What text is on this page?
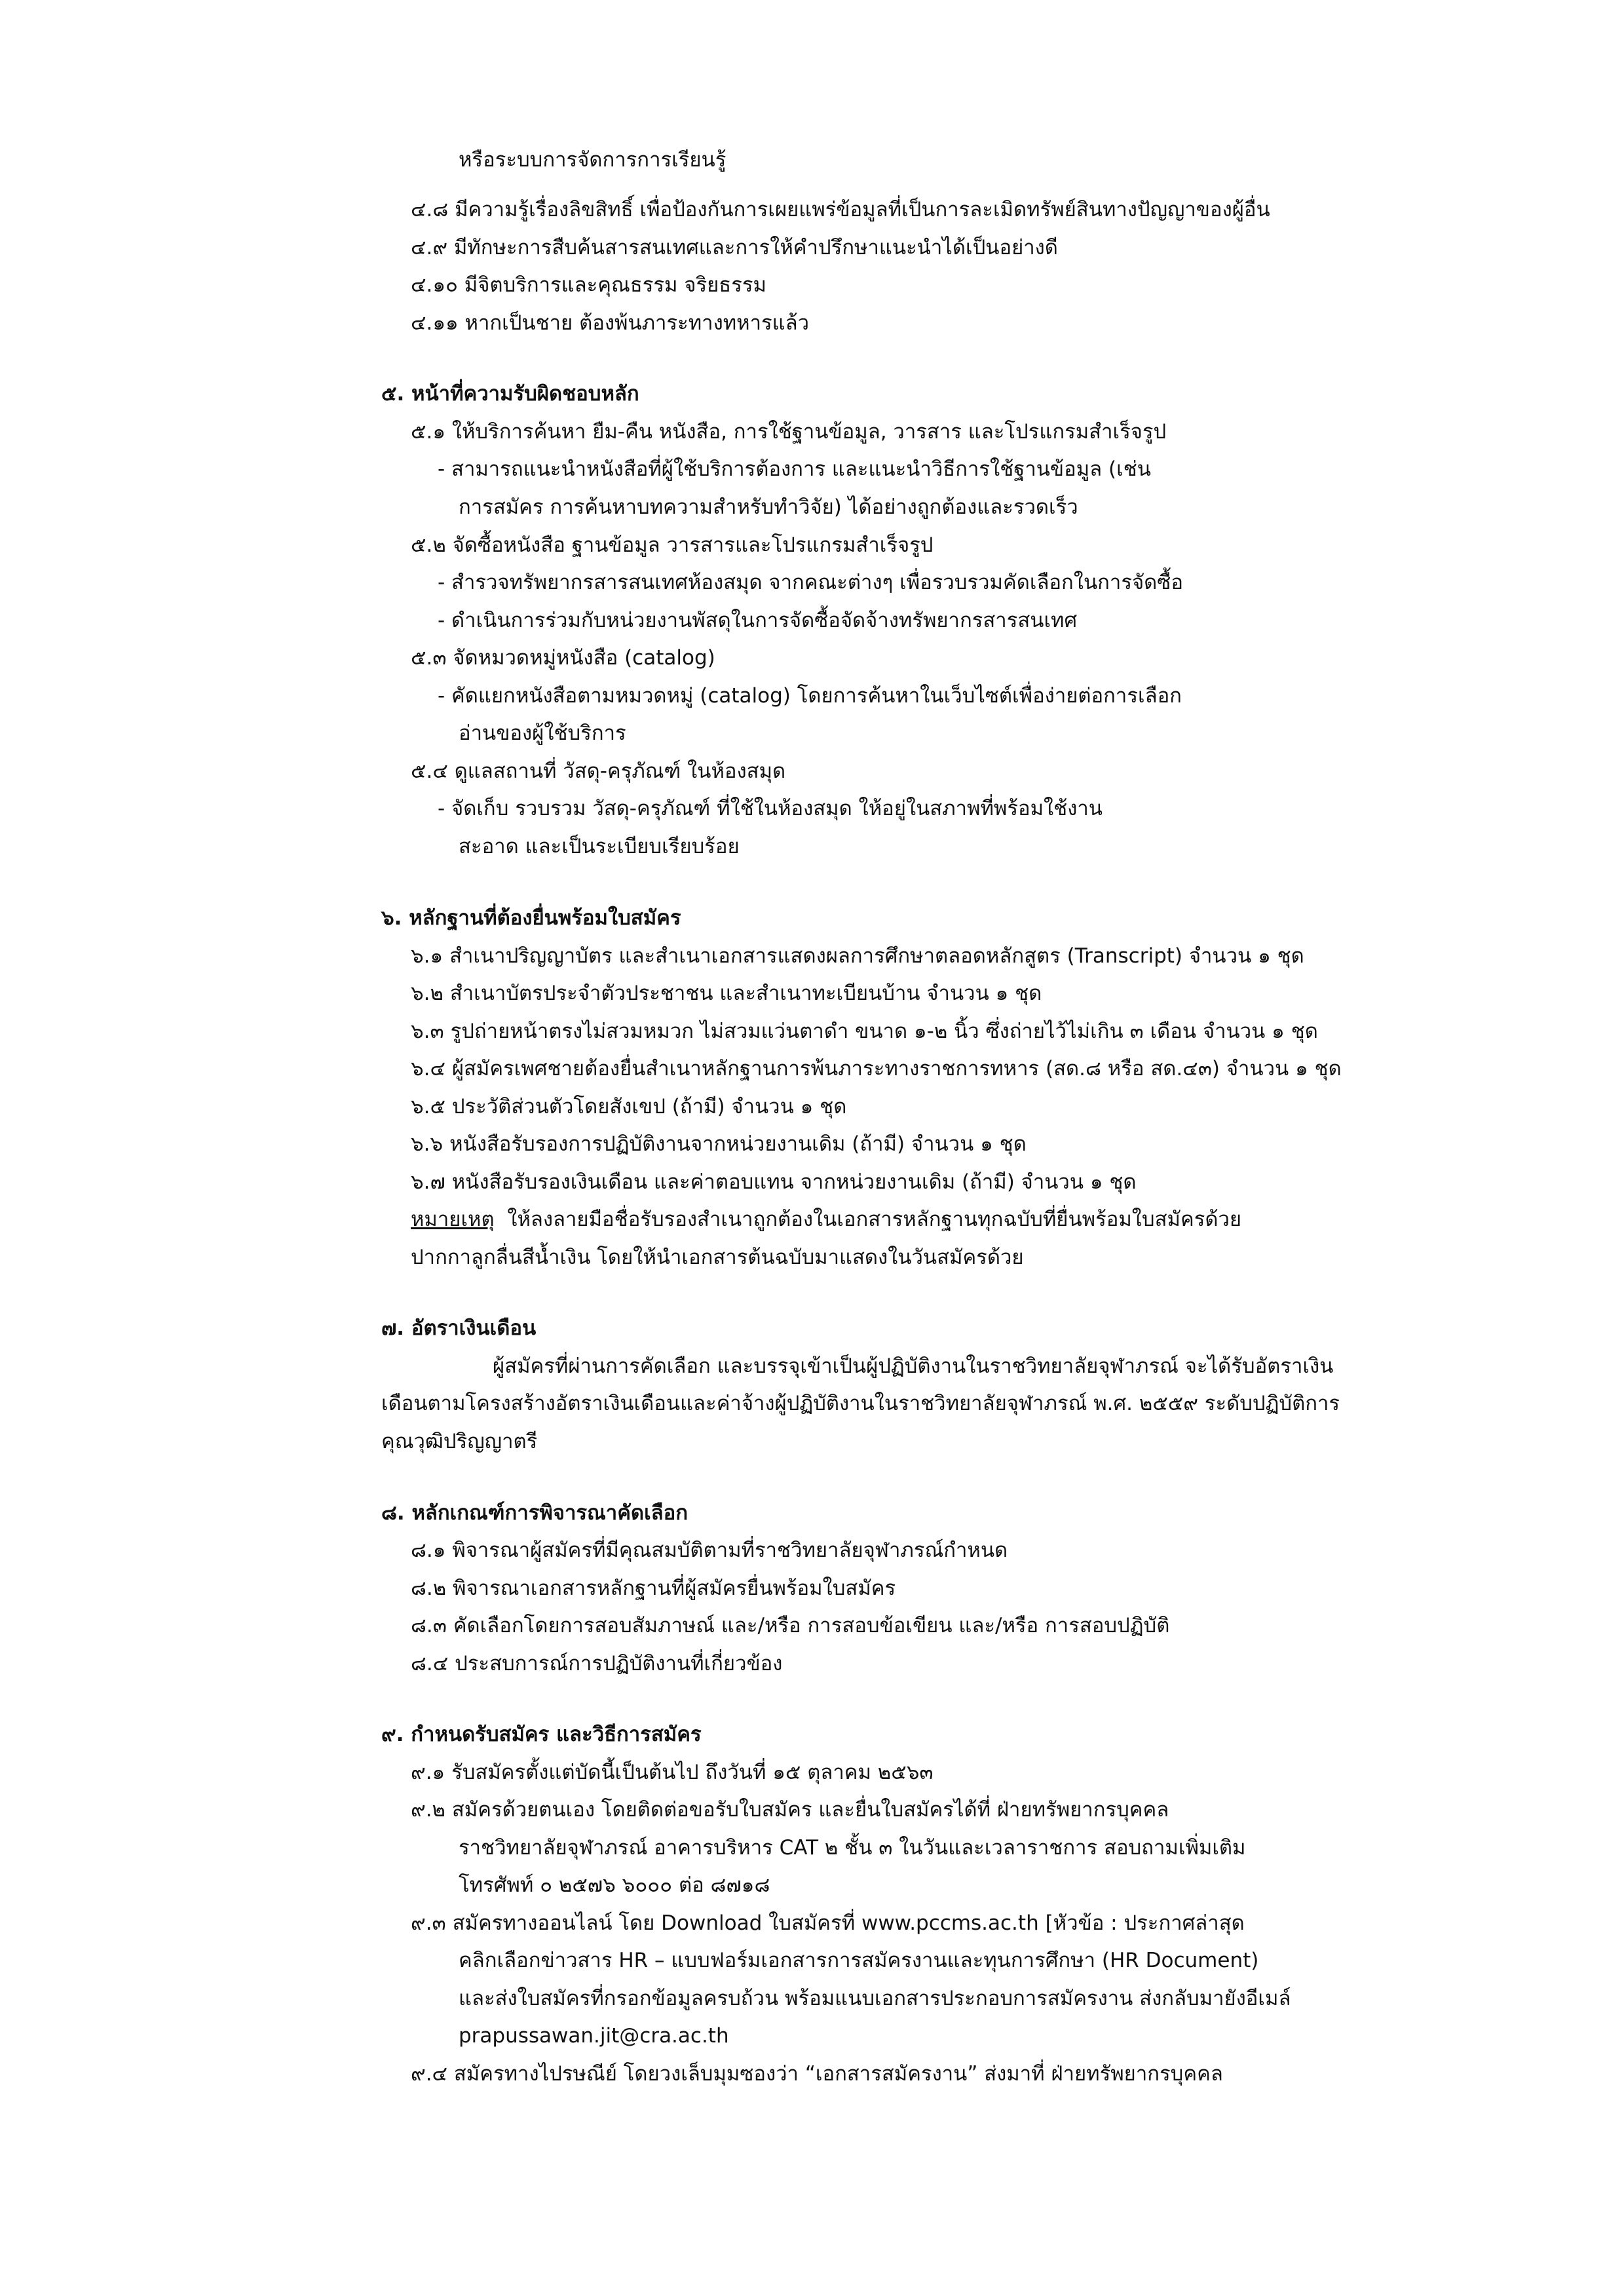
หรือระบบการจัดการการเรียนรู้
๔.๘ มีความรู้เรื่องลิขสิทธิ์ เพื่อป้องกันการเผยแพร่ข้อมูลที่เป็นการละเมิดทรัพย์สินทางปัญญาของผู้อื่น
๔.๙ มีทักษะการสืบค้นสารสนเทศและการให้คำปรึกษาแนะนำได้เป็นอย่างดี
๔.๑๐ มีจิตบริการและคุณธรรม จริยธรรม
๔.๑๑ หากเป็นชาย ต้องพ้นภาระทางทหารแล้ว
๕. หน้าที่ความรับผิดชอบหลัก
๕.๑ ให้บริการค้นหา ยืม-คืน หนังสือ, การใช้ฐานข้อมูล, วารสาร และโปรแกรมสำเร็จรูป
- สามารถแนะนำหนังสือที่ผู้ใช้บริการต้องการ และแนะนำวิธีการใช้ฐานข้อมูล (เช่น
การสมัคร การค้นหาบทความสำหรับทำวิจัย) ได้อย่างถูกต้องและรวดเร็ว
๕.๒ จัดซื้อหนังสือ ฐานข้อมูล วารสารและโปรแกรมสำเร็จรูป
- สำรวจทรัพยากรสารสนเทศห้องสมุด จากคณะต่างๆ เพื่อรวบรวมคัดเลือกในการจัดซื้อ
- ดำเนินการร่วมกับหน่วยงานพัสดุในการจัดซื้อจัดจ้างทรัพยากรสารสนเทศ
๕.๓ จัดหมวดหมู่หนังสือ (catalog)
- คัดแยกหนังสือตามหมวดหมู่ (catalog) โดยการค้นหาในเว็บไซต์เพื่อง่ายต่อการเลือก
อ่านของผู้ใช้บริการ
๕.๔ ดูแลสถานที่ วัสดุ-ครุภัณฑ์ ในห้องสมุด
- จัดเก็บ รวบรวม วัสดุ-ครุภัณฑ์ ที่ใช้ในห้องสมุด ให้อยู่ในสภาพที่พร้อมใช้งาน
สะอาด และเป็นระเบียบเรียบร้อย
๖. หลักฐานที่ต้องยื่นพร้อมใบสมัคร
๖.๑ สำเนาปริญญาบัตร และสำเนาเอกสารแสดงผลการศึกษาตลอดหลักสูตร (Transcript) จำนวน ๑ ชุด
๖.๒ สำเนาบัตรประจำตัวประชาชน และสำเนาทะเบียนบ้าน จำนวน ๑ ชุด
๖.๓ รูปถ่ายหน้าตรงไม่สวมหมวก ไม่สวมแว่นตาดำ ขนาด ๑-๒ นิ้ว ซึ่งถ่ายไว้ไม่เกิน ๓ เดือน จำนวน ๑ ชุด
๖.๔ ผู้สมัครเพศชายต้องยื่นสำเนาหลักฐานการพ้นภาระทางราชการทหาร (สด.๘ หรือ สด.๔๓) จำนวน ๑ ชุด
๖.๕ ประวัติส่วนตัวโดยสังเขป (ถ้ามี) จำนวน ๑ ชุด
๖.๖ หนังสือรับรองการปฏิบัติงานจากหน่วยงานเดิม (ถ้ามี) จำนวน ๑ ชุด
๖.๗ หนังสือรับรองเงินเดือน และค่าตอบแทน จากหน่วยงานเดิม (ถ้ามี) จำนวน ๑ ชุด
หมายเหตุ ให้ลงลายมือชื่อรับรองสำเนาถูกต้องในเอกสารหลักฐานทุกฉบับที่ยื่นพร้อมใบสมัครด้วย
ปากกาลูกลื่นสีน้ำเงิน โดยให้นำเอกสารต้นฉบับมาแสดงในวันสมัครด้วย
๗. อัตราเงินเดือน
ผู้สมัครที่ผ่านการคัดเลือก และบรรจุเข้าเป็นผู้ปฏิบัติงานในราชวิทยาลัยจุฬาภรณ์ จะได้รับอัตราเงิน
เดือนตามโครงสร้างอัตราเงินเดือนและค่าจ้างผู้ปฏิบัติงานในราชวิทยาลัยจุฬาภรณ์ พ.ศ. ๒๕๕๙ ระดับปฏิบัติการ
คุณวุฒิปริญญาตรี
๘. หลักเกณฑ์การพิจารณาคัดเลือก
๘.๑ พิจารณาผู้สมัครที่มีคุณสมบัติตามที่ราชวิทยาลัยจุฬาภรณ์กำหนด
๘.๒ พิจารณาเอกสารหลักฐานที่ผู้สมัครยื่นพร้อมใบสมัคร
๘.๓ คัดเลือกโดยการสอบสัมภาษณ์ และ/หรือ การสอบข้อเขียน และ/หรือ การสอบปฏิบัติ
๘.๔ ประสบการณ์การปฏิบัติงานที่เกี่ยวข้อง
๙. กำหนดรับสมัคร และวิธีการสมัคร
๙.๑ รับสมัครตั้งแต่บัดนี้เป็นต้นไป ถึงวันที่ ๑๕ ตุลาคม ๒๕๖๓
๙.๒ สมัครด้วยตนเอง โดยติดต่อขอรับใบสมัคร และยื่นใบสมัครได้ที่ ฝ่ายทรัพยากรบุคคล
ราชวิทยาลัยจุฬาภรณ์ อาคารบริหาร CAT ๒ ชั้น ๓ ในวันและเวลาราชการ สอบถามเพิ่มเติม
โทรศัพท์ ๐ ๒๕๗๖ ๖๐๐๐ ต่อ ๘๗๑๘
๙.๓ สมัครทางออนไลน์ โดย Download ใบสมัครที่ www.pccms.ac.th [หัวข้อ : ประกาศล่าสุด
คลิกเลือกข่าวสาร HR – แบบฟอร์มเอกสารการสมัครงานและทุนการศึกษา (HR Document)
และส่งใบสมัครที่กรอกข้อมูลครบถ้วน พร้อมแนบเอกสารประกอบการสมัครงาน ส่งกลับมายังอีเมล์
prapussawan.jit@cra.ac.th
๙.๔ สมัครทางไปรษณีย์ โดยวงเล็บมุมซองว่า “เอกสารสมัครงาน” ส่งมาที่ ฝ่ายทรัพยากรบุคคล
